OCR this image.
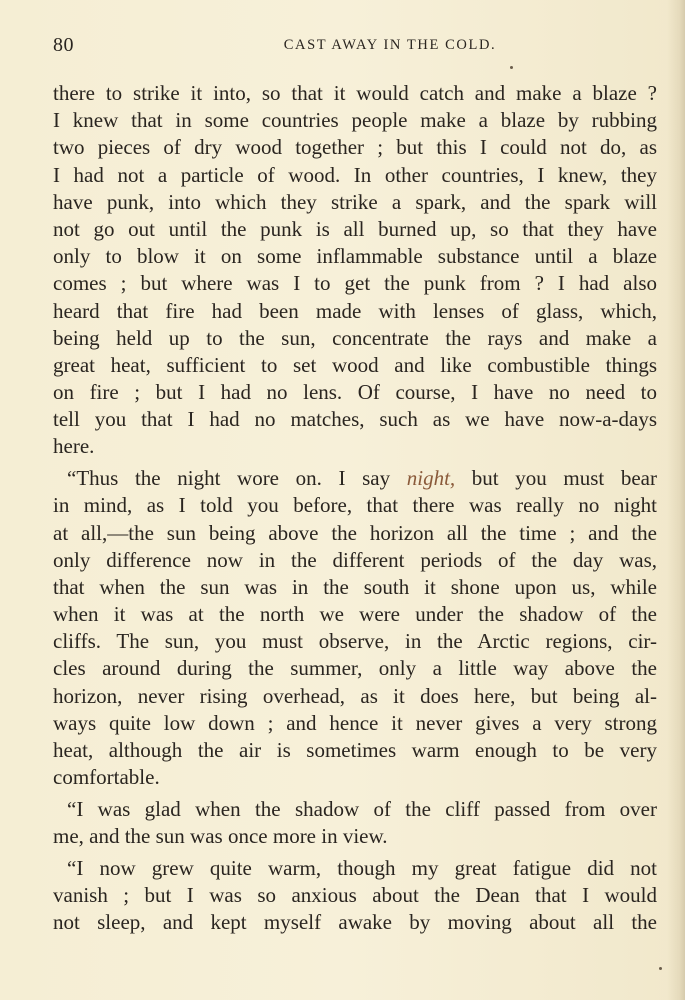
80	CAST AWAY IN THE COLD.
there to strike it into, so that it would catch and make a blaze ?
I knew that in some countries people make a blaze by rubbing
two pieces of dry wood together ; but this I could not do, as
I had not a particle of wood. In other countries, I knew, they
have punk, into which they strike a spark, and the spark will
not go out until the punk is all burned up, so that they have
only to blow it on some inflammable substance until a blaze
comes ; but where was I to get the punk from ? I had also
heard that fire had been made with lenses of glass, which,
being held up to the sun, concentrate the rays and make a
great heat, sufficient to set wood and like combustible things
on fire ; but I had no lens. Of course, I have no need to
tell you that I had no matches, such as we have now-a-days
here.
“Thus the night wore on. I say night, but you must bear
in mind, as I told you before, that there was really no night
at all,—the sun being above the horizon all the time ; and the
only difference now in the different periods of the day was,
that when the sun was in the south it shone upon us, while
when it was at the north we were under the shadow of the
cliffs. The sun, you must observe, in the Arctic regions, cir-
cles around during the summer, only a little way above the
horizon, never rising overhead, as it does here, but being al-
ways quite low down ; and hence it never gives a very strong
heat, although the air is sometimes warm enough to be very
comfortable.
“I was glad when the shadow of the cliff passed from over
me, and the sun was once more in view.
“I now grew quite warm, though my great fatigue did not
vanish ; but I was so anxious about the Dean that I would
not sleep, and kept myself awake by moving about all the
